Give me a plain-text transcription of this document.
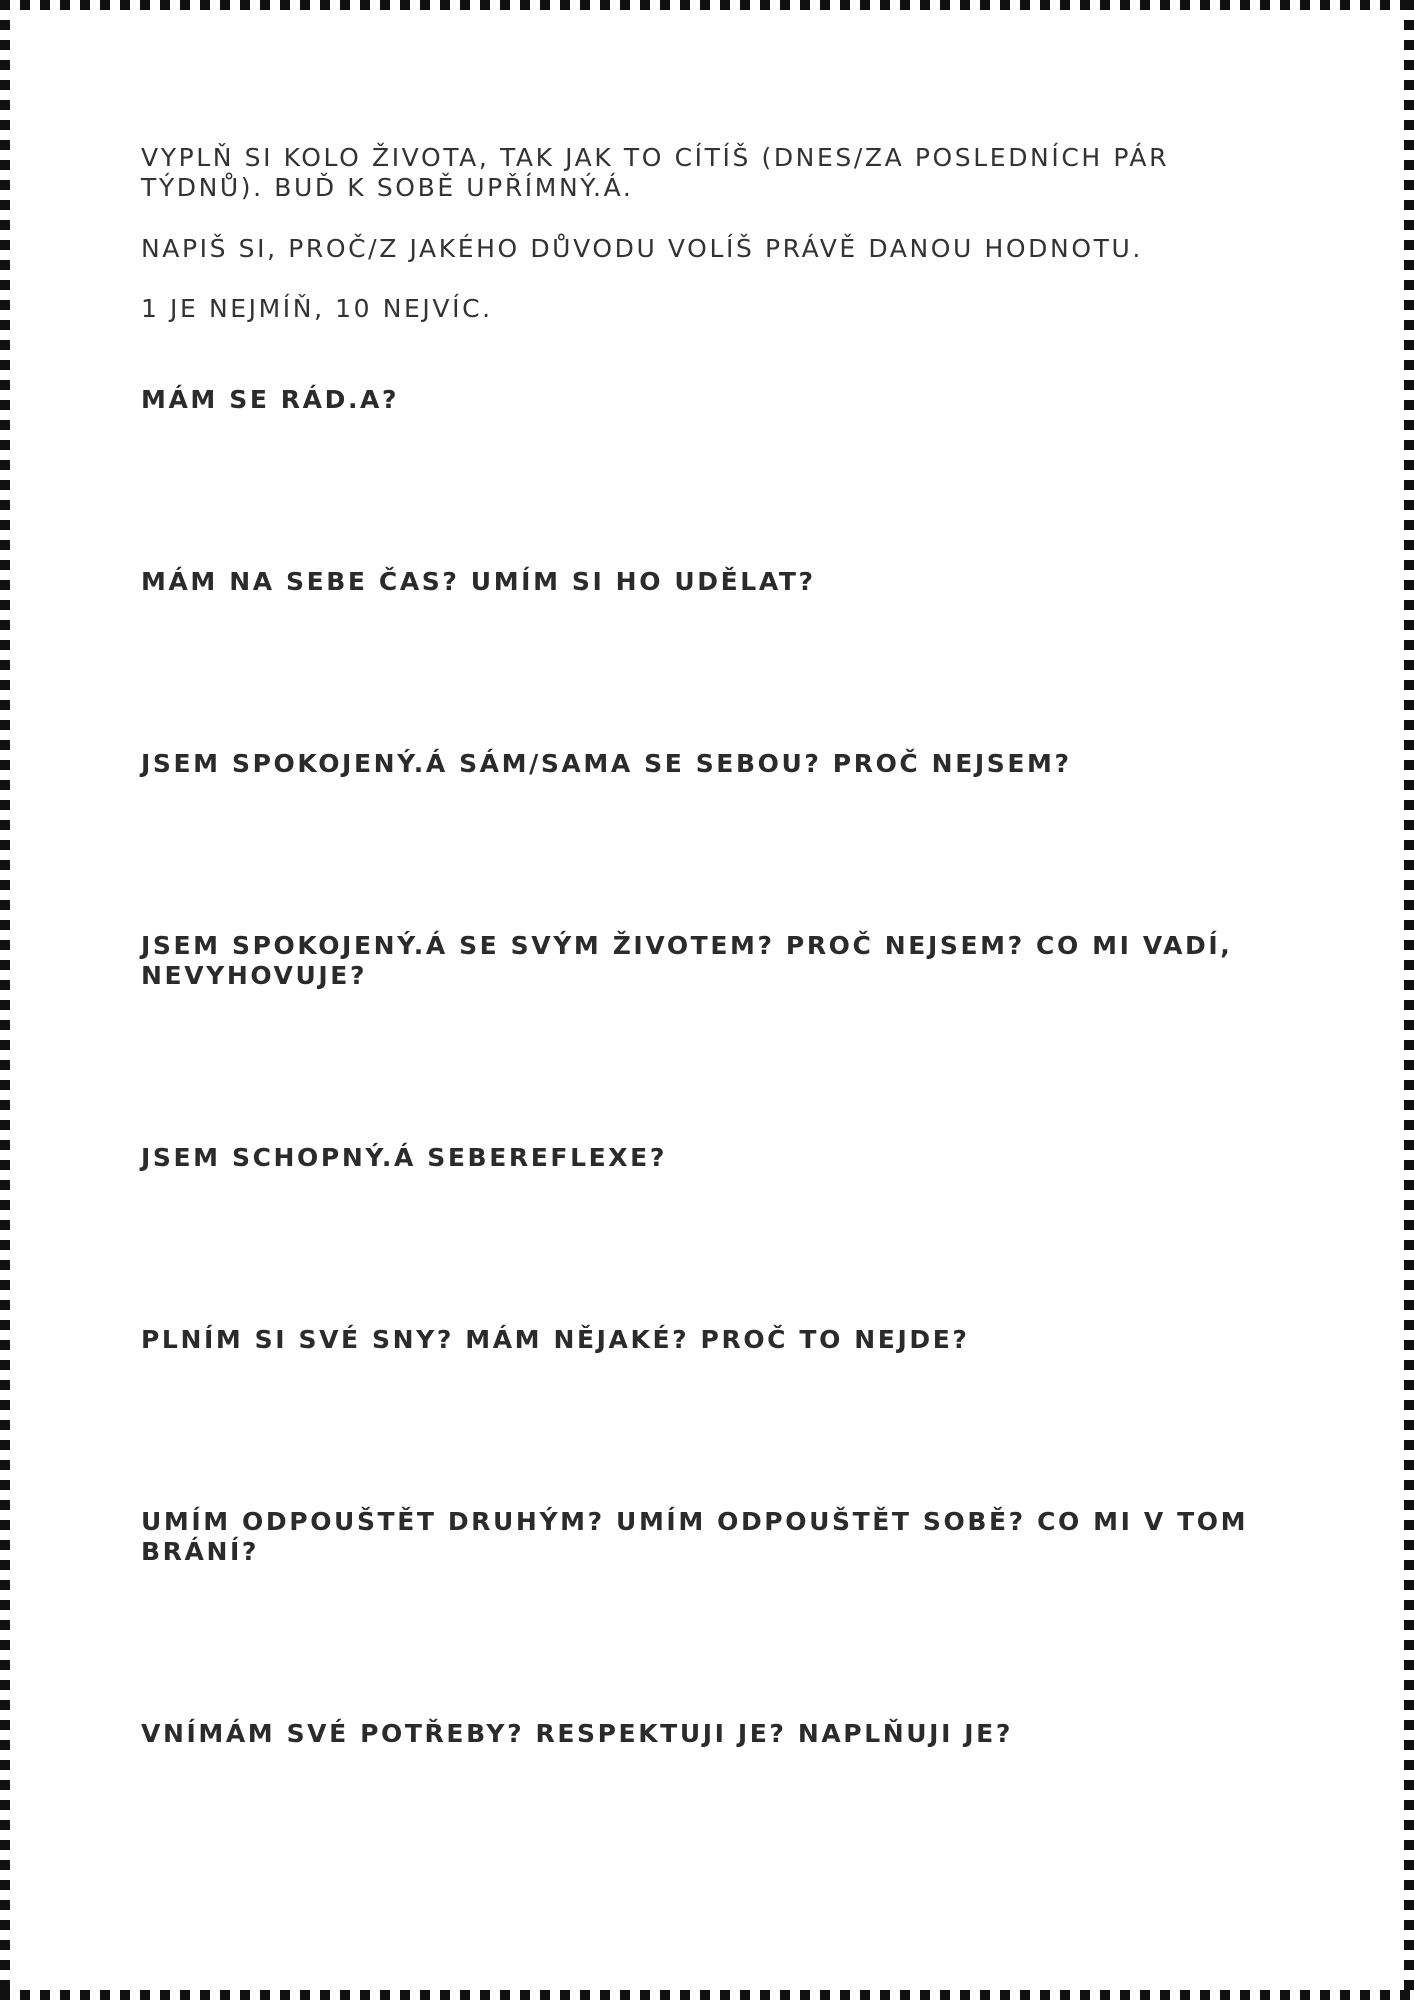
VYPLŇ SI KOLO ŽIVOTA, TAK JAK TO CÍTÍŠ (DNES/ZA POSLEDNÍCH PÁR TÝDNŮ). BUĎ K SOBĚ UPŘÍMNÝ.Á.

NAPIŠ SI, PROČ/Z JAKÉHO DŮVODU VOLÍŠ PRÁVĚ DANOU HODNOTU.

1 JE NEJMÍŇ, 10 NEJVÍC.

MÁM SE RÁD.A?

MÁM NA SEBE ČAS? UMÍM SI HO UDĚLAT?

JSEM SPOKOJENÝ.Á SÁM/SAMA SE SEBOU? PROČ NEJSEM?

JSEM SPOKOJENÝ.Á SE SVÝM ŽIVOTEM? PROČ NEJSEM? CO MI VADÍ, NEVYHOVUJE?

JSEM SCHOPNÝ.Á SEBEREFLEXE?

PLNÍM SI SVÉ SNY? MÁM NĚJAKÉ? PROČ TO NEJDE?

UMÍM ODPOUŠTĚT DRUHÝM? UMÍM ODPOUŠTĚT SOBĚ? CO MI V TOM BRÁNÍ?

VNÍMÁM SVÉ POTŘEBY? RESPEKTUJI JE? NAPLŇUJI JE?
